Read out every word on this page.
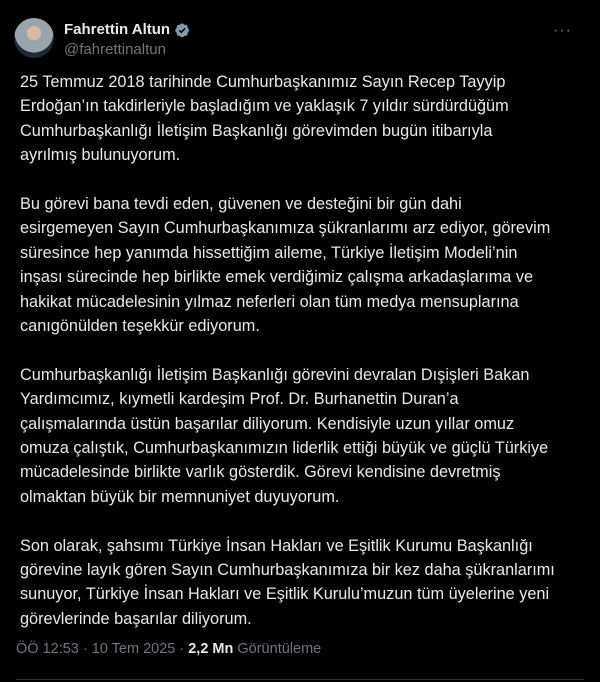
Fahrettin Altun
@fahrettinaltun
···

25 Temmuz 2018 tarihinde Cumhurbaşkanımız Sayın Recep Tayyip
Erdoğan’ın takdirleriyle başladığım ve yaklaşık 7 yıldır sürdürdüğüm
Cumhurbaşkanlığı İletişim Başkanlığı görevimden bugün itibarıyla
ayrılmış bulunuyorum.

Bu görevi bana tevdi eden, güvenen ve desteğini bir gün dahi
esirgemeyen Sayın Cumhurbaşkanımıza şükranlarımı arz ediyor, görevim
süresince hep yanımda hissettiğim aileme, Türkiye İletişim Modeli’nin
inşası sürecinde hep birlikte emek verdiğimiz çalışma arkadaşlarıma ve
hakikat mücadelesinin yılmaz neferleri olan tüm medya mensuplarına
canıgönülden teşekkür ediyorum.

Cumhurbaşkanlığı İletişim Başkanlığı görevini devralan Dışişleri Bakan
Yardımcımız, kıymetli kardeşim Prof. Dr. Burhanettin Duran’a
çalışmalarında üstün başarılar diliyorum. Kendisiyle uzun yıllar omuz
omuza çalıştık, Cumhurbaşkanımızın liderlik ettiği büyük ve güçlü Türkiye
mücadelesinde birlikte varlık gösterdik. Görevi kendisine devretmiş
olmaktan büyük bir memnuniyet duyuyorum.

Son olarak, şahsımı Türkiye İnsan Hakları ve Eşitlik Kurumu Başkanlığı
görevine layık gören Sayın Cumhurbaşkanımıza bir kez daha şükranlarımı
sunuyor, Türkiye İnsan Hakları ve Eşitlik Kurulu’muzun tüm üyelerine yeni
görevlerinde başarılar diliyorum.

ÖÖ 12:53 · 10 Tem 2025 · 2,2 Mn Görüntüleme
